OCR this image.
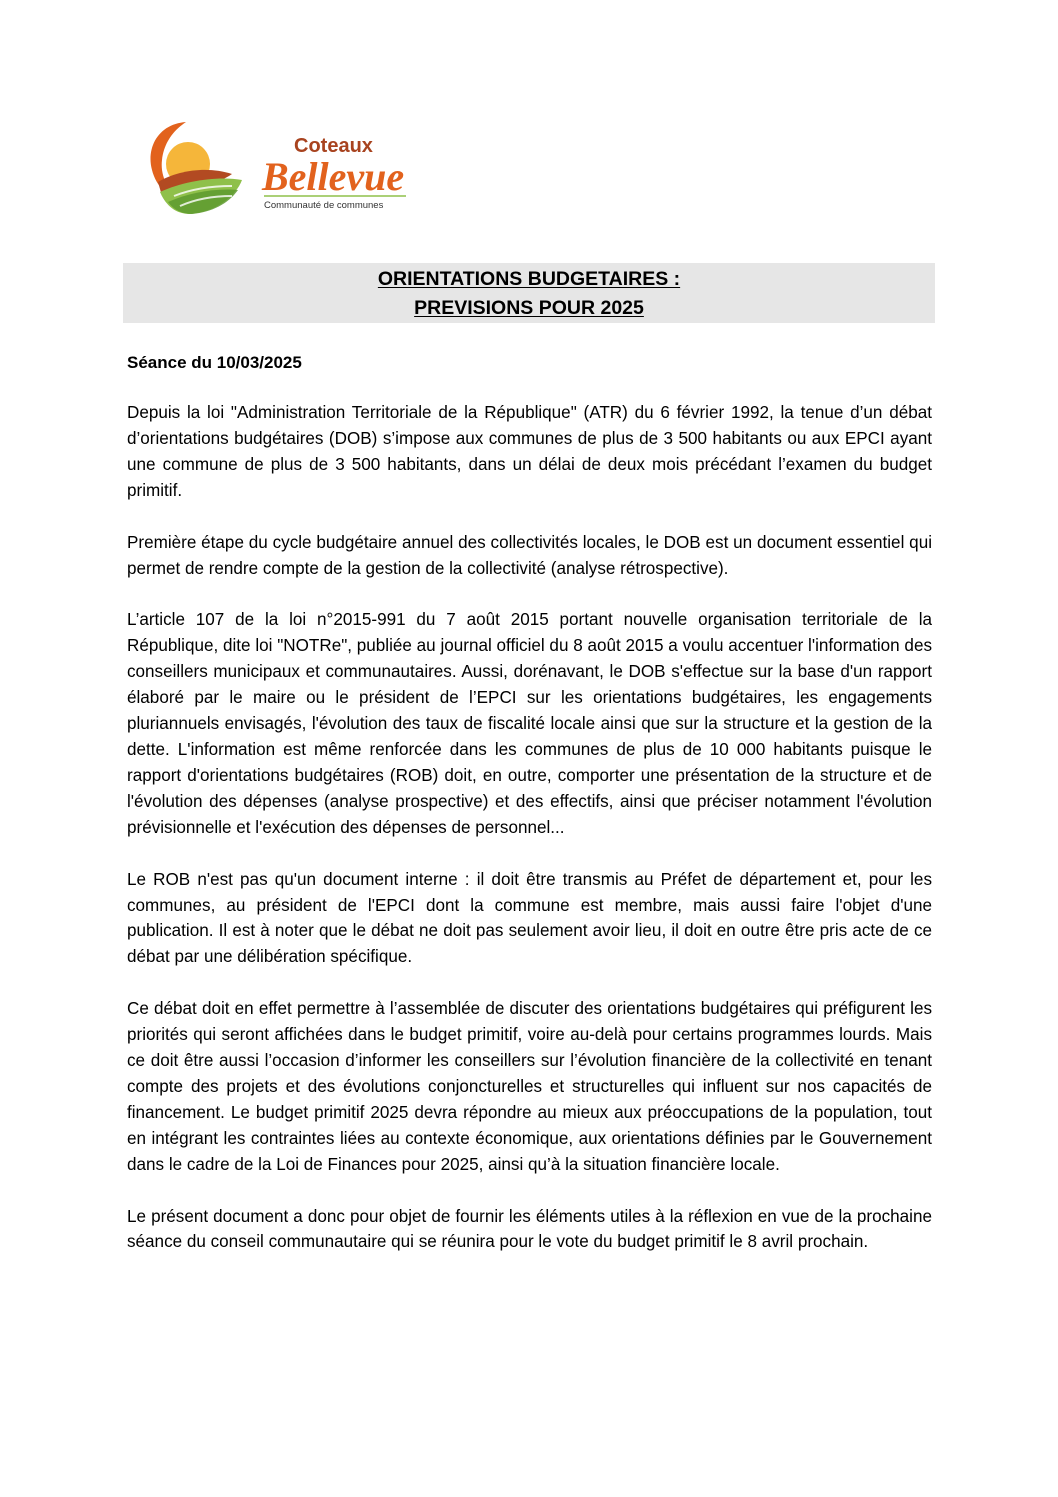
Coteaux
Bellevue
Communauté de communes
ORIENTATIONS BUDGETAIRES :
PREVISIONS POUR 2025
Séance du 10/03/2025

Depuis la loi "Administration Territoriale de la République" (ATR) du 6 février 1992, la tenue d’un débat d’orientations budgétaires (DOB) s’impose aux communes de plus de 3 500 habitants ou aux EPCI ayant une commune de plus de 3 500 habitants, dans un délai de deux mois précédant l’examen du budget primitif.

Première étape du cycle budgétaire annuel des collectivités locales, le DOB est un document essentiel qui permet de rendre compte de la gestion de la collectivité (analyse rétrospective).

L’article 107 de la loi n°2015-991 du 7 août 2015 portant nouvelle organisation territoriale de la République, dite loi "NOTRe", publiée au journal officiel du 8 août 2015 a voulu accentuer l'information des conseillers municipaux et communautaires. Aussi, dorénavant, le DOB s'effectue sur la base d'un rapport élaboré par le maire ou le président de l’EPCI sur les orientations budgétaires, les engagements pluriannuels envisagés, l'évolution des taux de fiscalité locale ainsi que sur la structure et la gestion de la dette. L'information est même renforcée dans les communes de plus de 10 000 habitants puisque le rapport d'orientations budgétaires (ROB) doit, en outre, comporter une présentation de la structure et de l'évolution des dépenses (analyse prospective) et des effectifs, ainsi que préciser notamment l'évolution prévisionnelle et l'exécution des dépenses de personnel...

Le ROB n'est pas qu'un document interne : il doit être transmis au Préfet de département et, pour les communes, au président de l'EPCI dont la commune est membre, mais aussi faire l'objet d'une publication. Il est à noter que le débat ne doit pas seulement avoir lieu, il doit en outre être pris acte de ce débat par une délibération spécifique.

Ce débat doit en effet permettre à l’assemblée de discuter des orientations budgétaires qui préfigurent les priorités qui seront affichées dans le budget primitif, voire au-delà pour certains programmes lourds. Mais ce doit être aussi l’occasion d’informer les conseillers sur l’évolution financière de la collectivité en tenant compte des projets et des évolutions conjoncturelles et structurelles qui influent sur nos capacités de financement. Le budget primitif 2025 devra répondre au mieux aux préoccupations de la population, tout en intégrant les contraintes liées au contexte économique, aux orientations définies par le Gouvernement dans le cadre de la Loi de Finances pour 2025, ainsi qu’à la situation financière locale.

Le présent document a donc pour objet de fournir les éléments utiles à la réflexion en vue de la prochaine séance du conseil communautaire qui se réunira pour le vote du budget primitif le 8 avril prochain.
